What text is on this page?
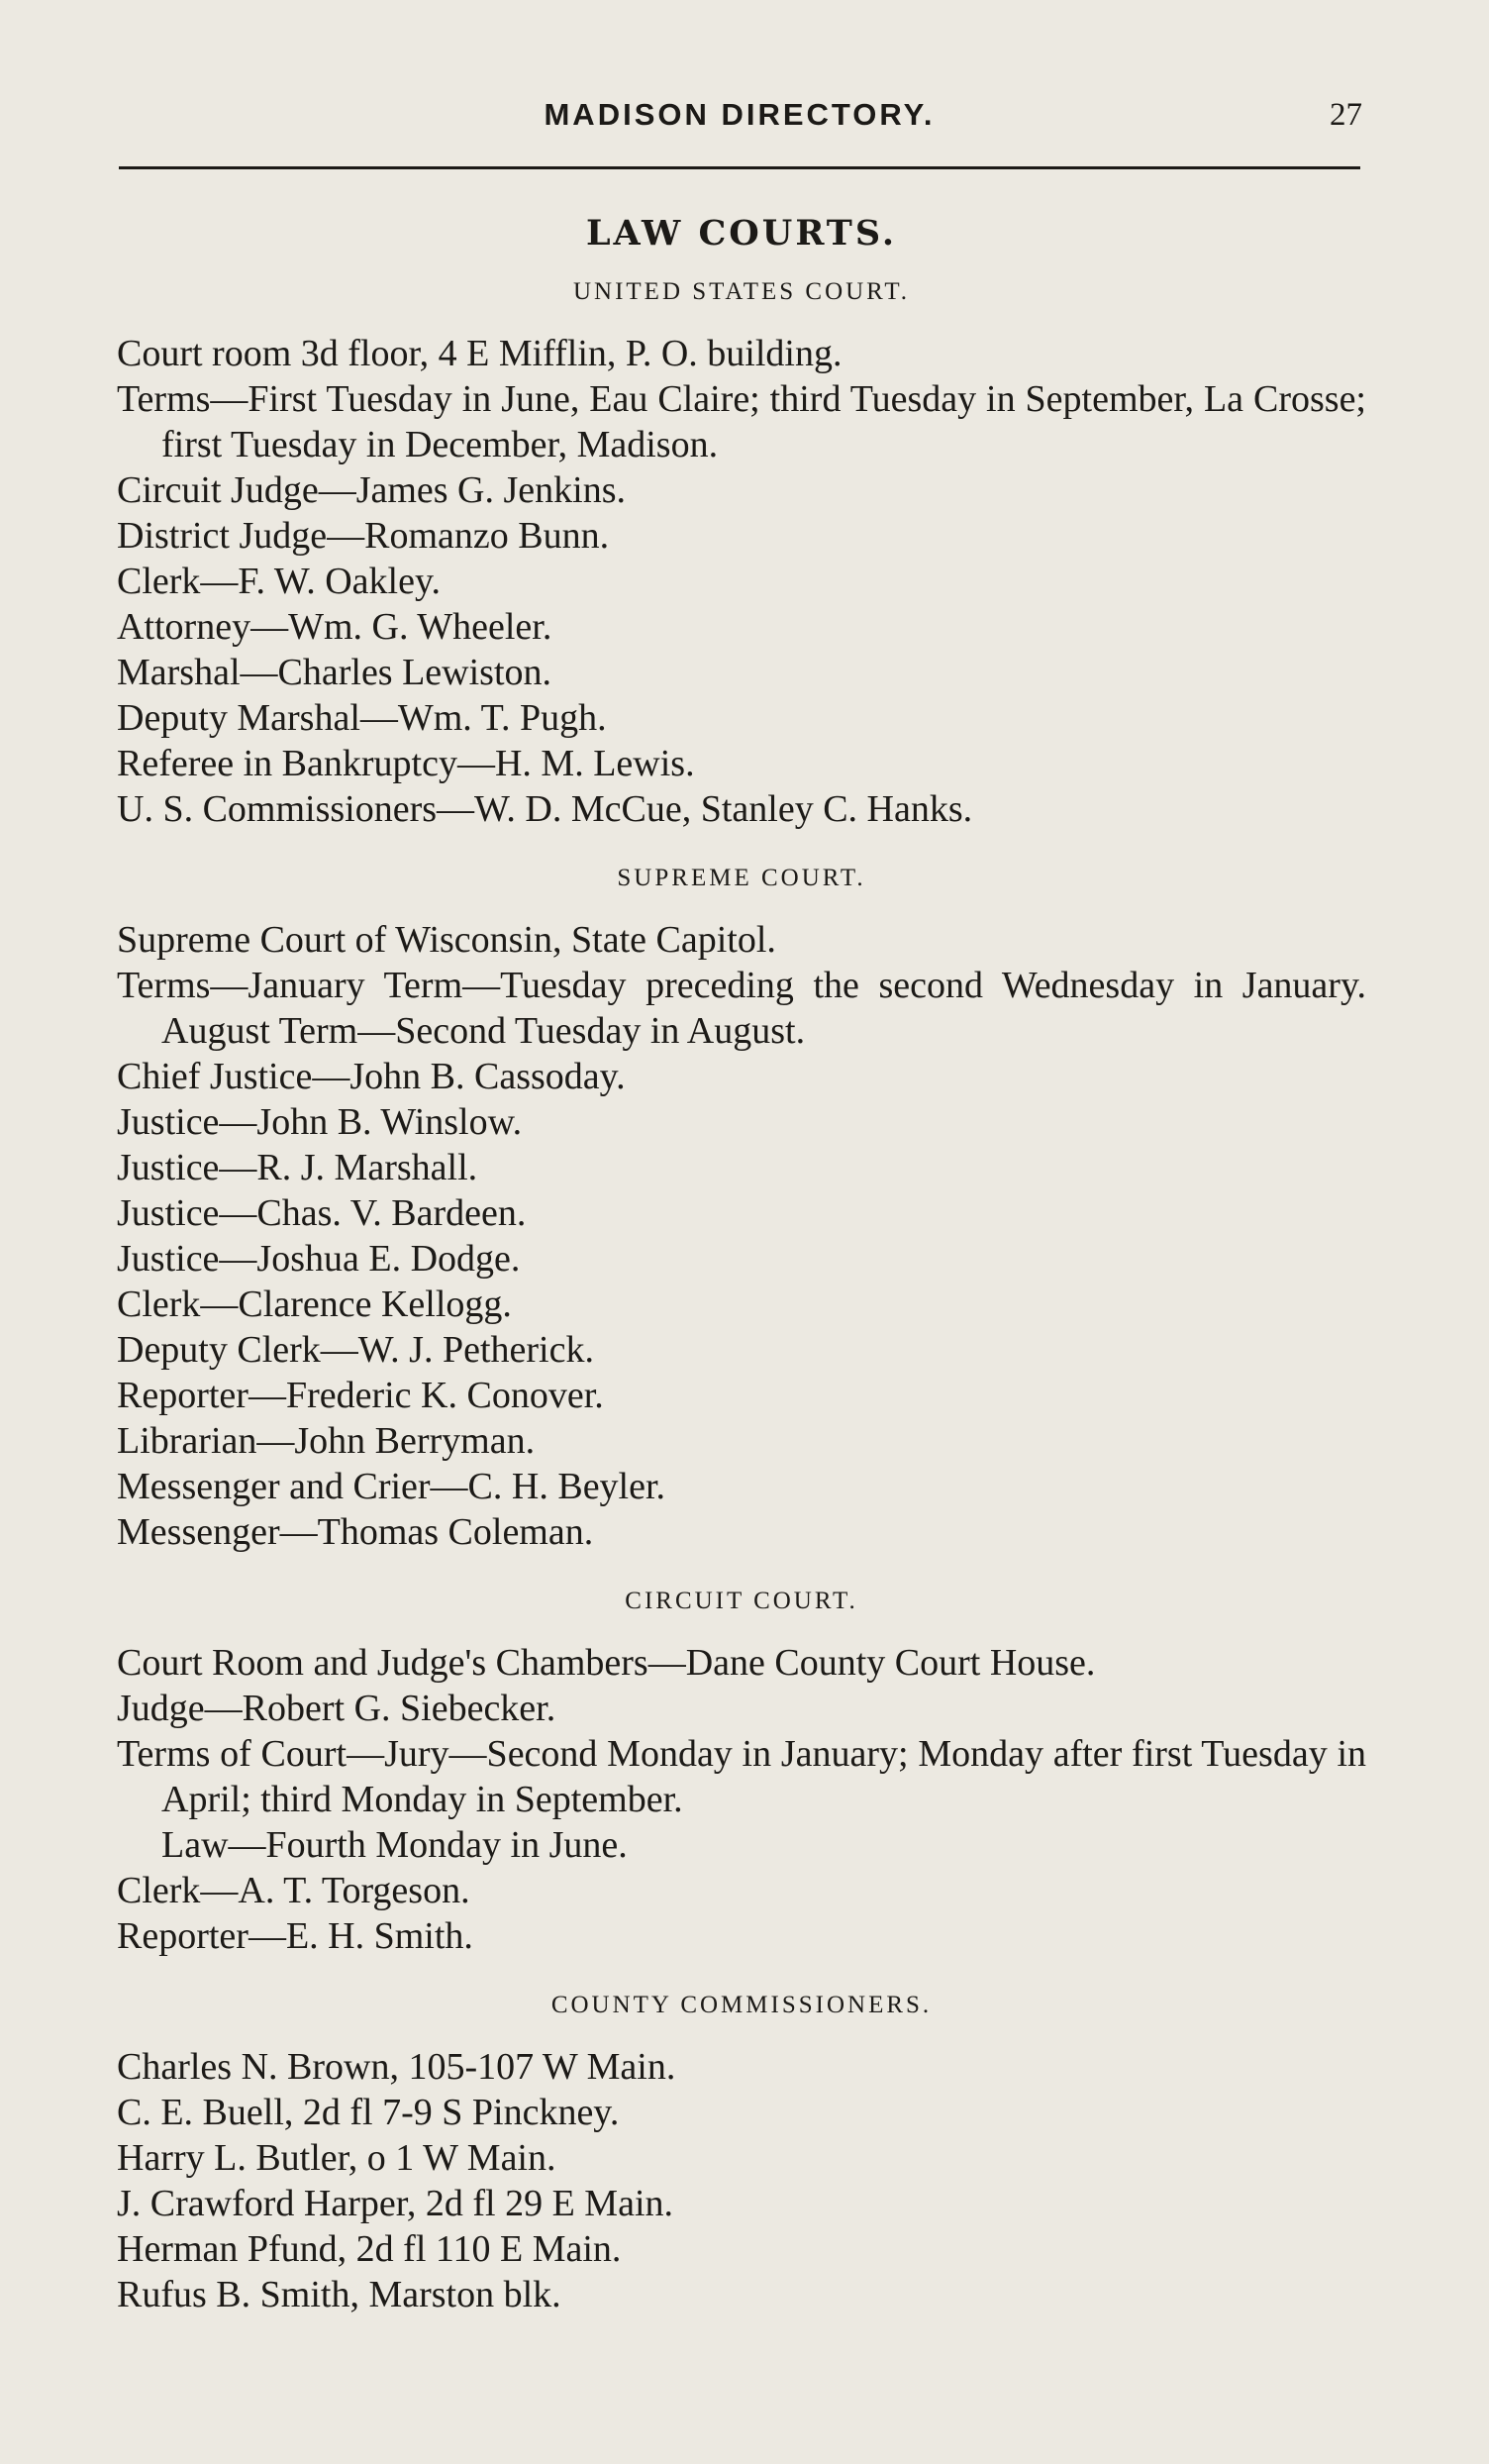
MADISON DIRECTORY.	27
LAW COURTS.
UNITED STATES COURT.

Court room 3d floor, 4 E Mifflin, P. O. building.

Terms—First Tuesday in June, Eau Claire; third Tuesday in September, La Crosse; first Tuesday in December, Madison.

Circuit Judge—James G. Jenkins.

District Judge—Romanzo Bunn.

Clerk—F. W. Oakley.

Attorney—Wm. G. Wheeler.

Marshal—Charles Lewiston.

Deputy Marshal—Wm. T. Pugh.

Referee in Bankruptcy—H. M. Lewis.

U. S. Commissioners—W. D. McCue, Stanley C. Hanks.

SUPREME COURT.

Supreme Court of Wisconsin, State Capitol.

Terms—January Term—Tuesday preceding the second Wednesday in January. August Term—Second Tuesday in August.

Chief Justice—John B. Cassoday.

Justice—John B. Winslow.

Justice—R. J. Marshall.

Justice—Chas. V. Bardeen.

Justice—Joshua E. Dodge.

Clerk—Clarence Kellogg.

Deputy Clerk—W. J. Petherick.

Reporter—Frederic K. Conover.

Librarian—John Berryman.

Messenger and Crier—C. H. Beyler.

Messenger—Thomas Coleman.

CIRCUIT COURT.

Court Room and Judge's Chambers—Dane County Court House.

Judge—Robert G. Siebecker.

Terms of Court—Jury—Second Monday in January; Monday after first Tuesday in April; third Monday in September.

Law—Fourth Monday in June.

Clerk—A. T. Torgeson.

Reporter—E. H. Smith.

COUNTY COMMISSIONERS.

Charles N. Brown, 105-107 W Main.

C. E. Buell, 2d fl 7-9 S Pinckney.

Harry L. Butler, o 1 W Main.

J. Crawford Harper, 2d fl 29 E Main.

Herman Pfund, 2d fl 110 E Main.

Rufus B. Smith, Marston blk.
